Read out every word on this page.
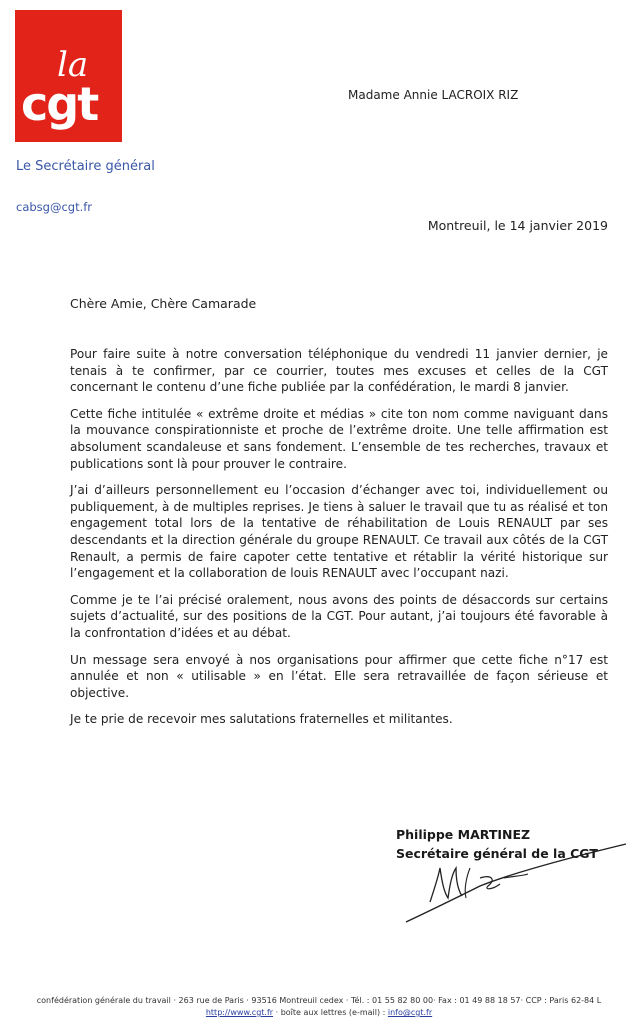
la
cgt
Le Secrétaire général
cabsg@cgt.fr
Madame Annie LACROIX RIZ
Montreuil, le 14 janvier 2019
Chère Amie, Chère Camarade

Pour faire suite à notre conversation téléphonique du vendredi 11 janvier dernier, je tenais à te confirmer, par ce courrier, toutes mes excuses et celles de la CGT concernant le contenu d’une fiche publiée par la confédération, le mardi 8 janvier.

Cette fiche intitulée « extrême droite et médias » cite ton nom comme naviguant dans la mouvance conspirationniste et proche de l’extrême droite. Une telle affirmation est absolument scandaleuse et sans fondement. L’ensemble de tes recherches, travaux et publications sont là pour prouver le contraire.

J’ai d’ailleurs personnellement eu l’occasion d’échanger avec toi, individuellement ou publiquement, à de multiples reprises. Je tiens à saluer le travail que tu as réalisé et ton engagement total lors de la tentative de réhabilitation de Louis RENAULT par ses descendants et la direction générale du groupe RENAULT. Ce travail aux côtés de la CGT Renault, a permis de faire capoter cette tentative et rétablir la vérité historique sur l’engagement et la collaboration de louis RENAULT avec l’occupant nazi.

Comme je te l’ai précisé oralement, nous avons des points de désaccords sur certains sujets d’actualité, sur des positions de la CGT. Pour autant, j’ai toujours été favorable à la confrontation d’idées et au débat.

Un message sera envoyé à nos organisations pour affirmer que cette fiche n°17 est annulée et non « utilisable » en l’état. Elle sera retravaillée de façon sérieuse et objective.

Je te prie de recevoir mes salutations fraternelles et militantes.

Philippe MARTINEZ
Secrétaire général de la CGT
confédération générale du travail · 263 rue de Paris · 93516 Montreuil cedex · Tél. : 01 55 82 80 00· Fax : 01 49 88 18 57· CCP : Paris 62-84 L
http://www.cgt.fr · boîte aux lettres (e-mail) : info@cgt.fr
